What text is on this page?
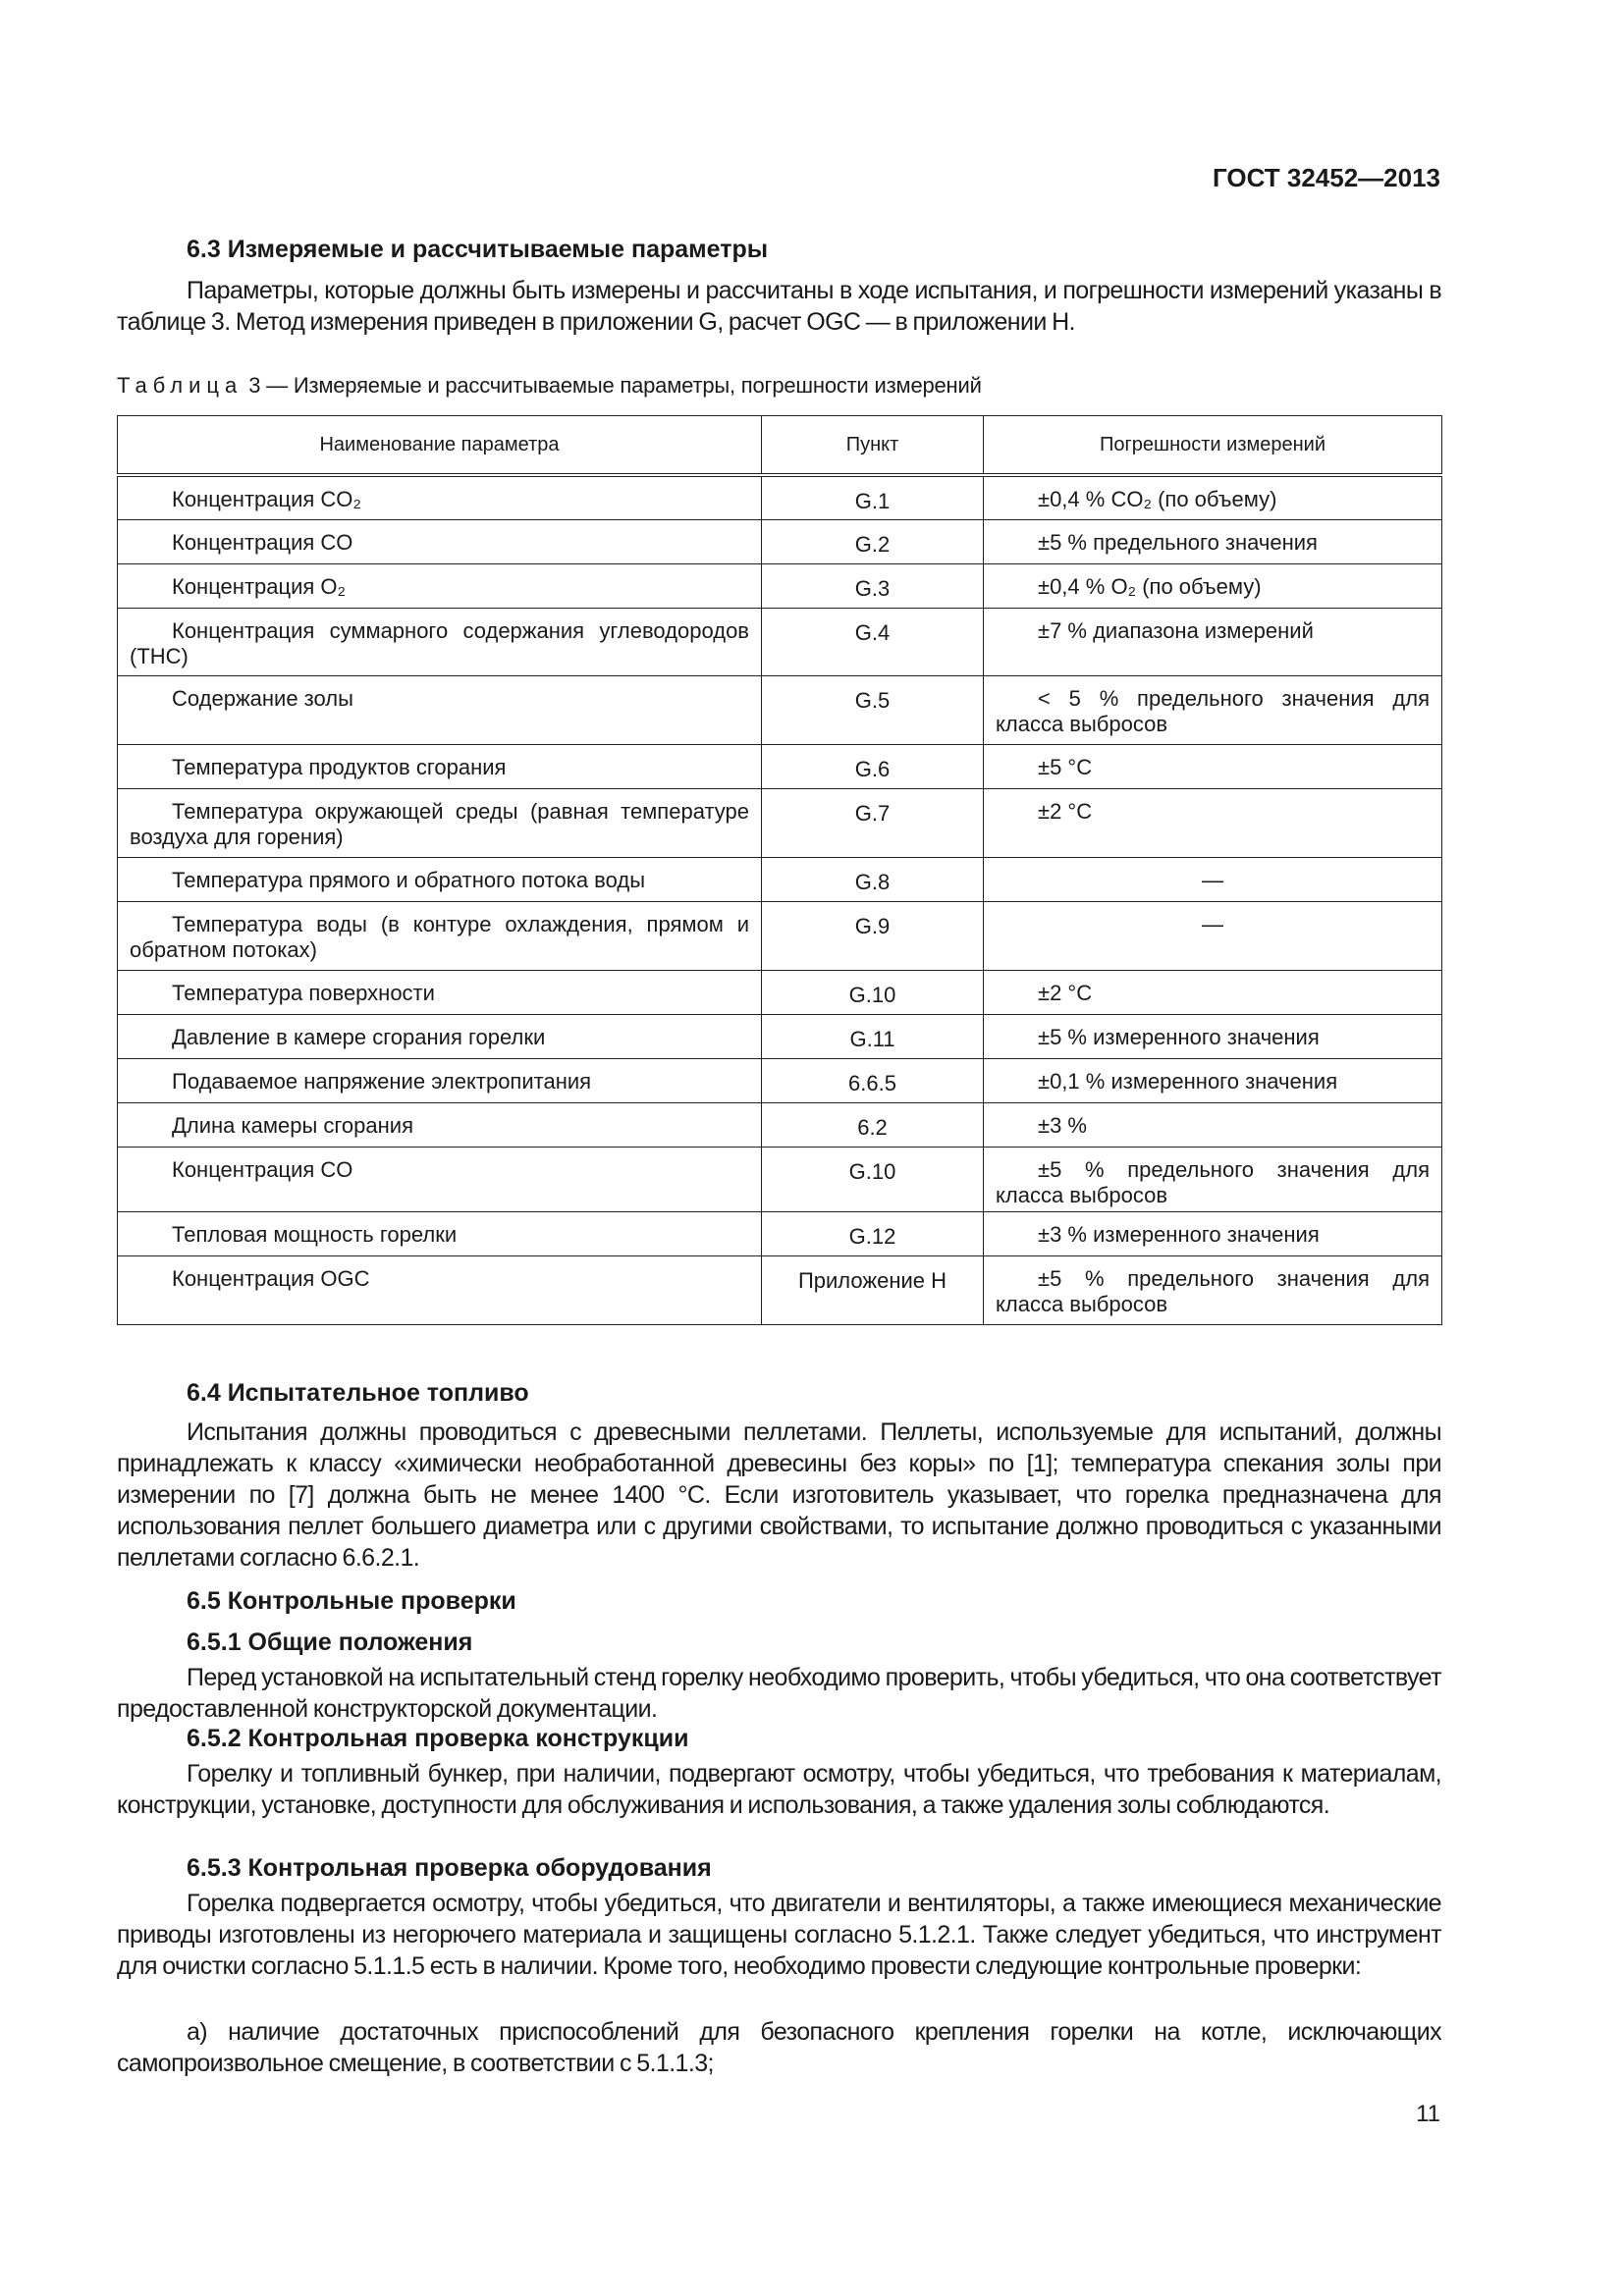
ГОСТ 32452—2013
6.3 Измеряемые и рассчитываемые параметры
Параметры, которые должны быть измерены и рассчитаны в ходе испытания, и погрешности измерений указаны в таблице 3. Метод измерения приведен в приложении G, расчет OGC — в приложении H.
Таблица 3 — Измеряемые и рассчитываемые параметры, погрешности измерений
Наименование параметра	Пункт	Погрешности измерений
Концентрация CO₂	G.1	±0,4 % CO₂ (по объему)
Концентрация CO	G.2	±5 % предельного значения
Концентрация O₂	G.3	±0,4 % O₂ (по объему)
Концентрация суммарного содержания углеводородов (THC)	G.4	±7 % диапазона измерений
Содержание золы	G.5	< 5 % предельного значения для класса выбросов
Температура продуктов сгорания	G.6	±5 °C
Температура окружающей среды (равная температуре воздуха для горения)	G.7	±2 °C
Температура прямого и обратного потока воды	G.8	—
Температура воды (в контуре охлаждения, прямом и обратном потоках)	G.9	—
Температура поверхности	G.10	±2 °C
Давление в камере сгорания горелки	G.11	±5 % измеренного значения
Подаваемое напряжение электропитания	6.6.5	±0,1 % измеренного значения
Длина камеры сгорания	6.2	±3 %
Концентрация CO	G.10	±5 % предельного значения для класса выбросов
Тепловая мощность горелки	G.12	±3 % измеренного значения
Концентрация OGC	Приложение H	±5 % предельного значения для класса выбросов
6.4 Испытательное топливо
Испытания должны проводиться с древесными пеллетами. Пеллеты, используемые для испытаний, должны принадлежать к классу «химически необработанной древесины без коры» по [1]; температура спекания золы при измерении по [7] должна быть не менее 1400 °C. Если изготовитель указывает, что горелка предназначена для использования пеллет большего диаметра или с другими свойствами, то испытание должно проводиться с указанными пеллетами согласно 6.6.2.1.
6.5 Контрольные проверки
6.5.1 Общие положения
Перед установкой на испытательный стенд горелку необходимо проверить, чтобы убедиться, что она соответствует предоставленной конструкторской документации.
6.5.2 Контрольная проверка конструкции
Горелку и топливный бункер, при наличии, подвергают осмотру, чтобы убедиться, что требования к материалам, конструкции, установке, доступности для обслуживания и использования, а также удаления золы соблюдаются.
6.5.3 Контрольная проверка оборудования
Горелка подвергается осмотру, чтобы убедиться, что двигатели и вентиляторы, а также имеющиеся механические приводы изготовлены из негорючего материала и защищены согласно 5.1.2.1. Также следует убедиться, что инструмент для очистки согласно 5.1.1.5 есть в наличии. Кроме того, необходимо провести следующие контрольные проверки:
а) наличие достаточных приспособлений для безопасного крепления горелки на котле, исключающих самопроизвольное смещение, в соответствии с 5.1.1.3;
11
